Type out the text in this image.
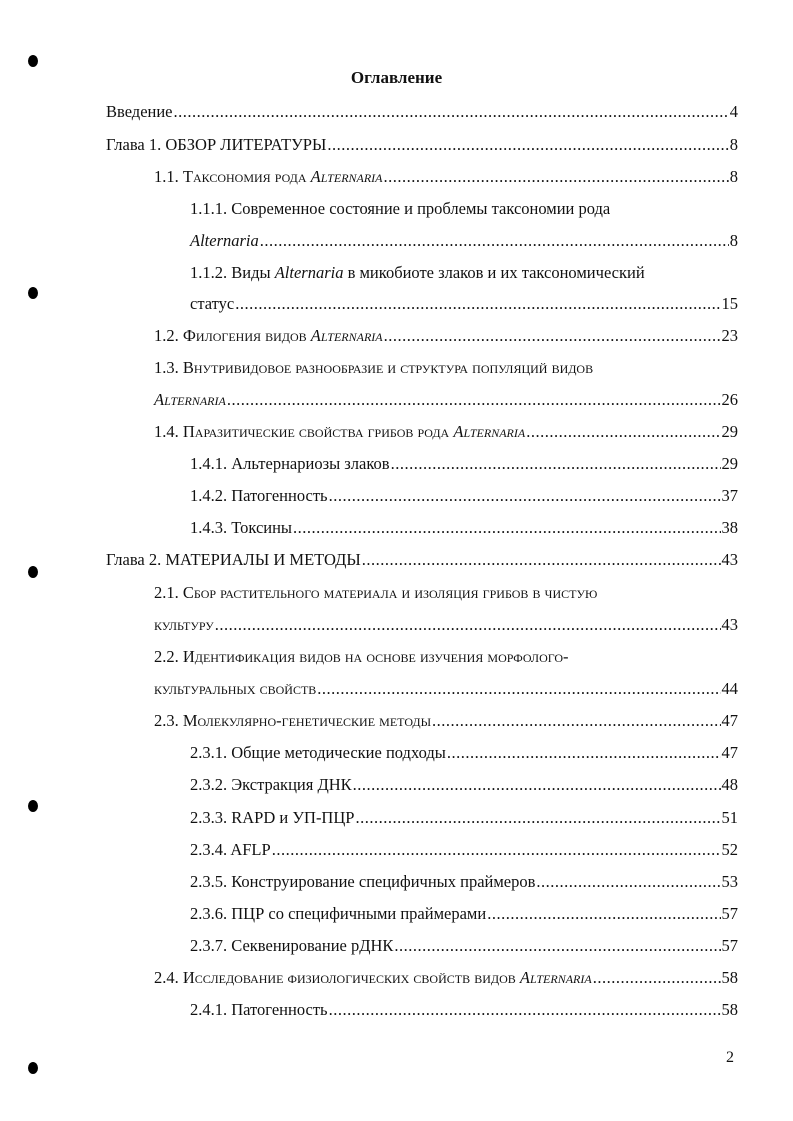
Оглавление
Введение .....	4
Глава 1. ОБЗОР ЛИТЕРАТУРЫ .....	8
1.1. Таксономия рода Alternaria .....	8
1.1.1. Современное состояние и проблемы таксономии рода
Alternaria .....	8
1.1.2. Виды Alternaria в микобиоте злаков и их таксономический
статус .....	15
1.2. Филогения видов Alternaria .....	23
1.3. Внутривидовое разнообразие и структура популяций видов
Alternaria .....	26
1.4. Паразитические свойства грибов рода Alternaria .....	29
1.4.1. Альтернариозы злаков .....	29
1.4.2. Патогенность .....	37
1.4.3. Токсины .....	38
Глава 2. МАТЕРИАЛЫ И МЕТОДЫ .....	43
2.1. Сбор растительного материала и изоляция грибов в чистую
культуру .....	43
2.2. Идентификация видов на основе изучения морфолого-
культуральных свойств .....	44
2.3. Молекулярно-генетические методы .....	47
2.3.1. Общие методические подходы .....	47
2.3.2. Экстракция ДНК .....	48
2.3.3. RAPD и УП-ПЦР .....	51
2.3.4. AFLP .....	52
2.3.5. Конструирование специфичных праймеров .....	53
2.3.6. ПЦР со специфичными праймерами .....	57
2.3.7. Секвенирование рДНК .....	57
2.4. Исследование физиологических свойств видов Alternaria .....	58
2.4.1. Патогенность .....	58
2
